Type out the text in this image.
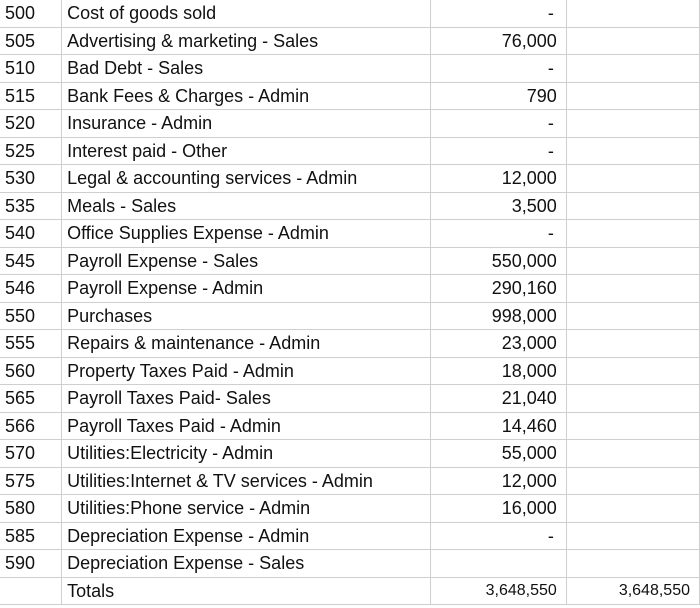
500	Cost of goods sold	-	
505	Advertising & marketing - Sales	76,000	
510	Bad Debt - Sales	-	
515	Bank Fees & Charges - Admin	790	
520	Insurance - Admin	-	
525	Interest paid - Other	-	
530	Legal & accounting services - Admin	12,000	
535	Meals - Sales	3,500	
540	Office Supplies Expense - Admin	-	
545	Payroll Expense - Sales	550,000	
546	Payroll Expense - Admin	290,160	
550	Purchases	998,000	
555	Repairs & maintenance - Admin	23,000	
560	Property Taxes Paid - Admin	18,000	
565	Payroll Taxes Paid- Sales	21,040	
566	Payroll Taxes Paid - Admin	14,460	
570	Utilities:Electricity - Admin	55,000	
575	Utilities:Internet & TV services - Admin	12,000	
580	Utilities:Phone service - Admin	16,000	
585	Depreciation Expense - Admin	-	
590	Depreciation Expense - Sales		
	Totals	3,648,550	3,648,550
